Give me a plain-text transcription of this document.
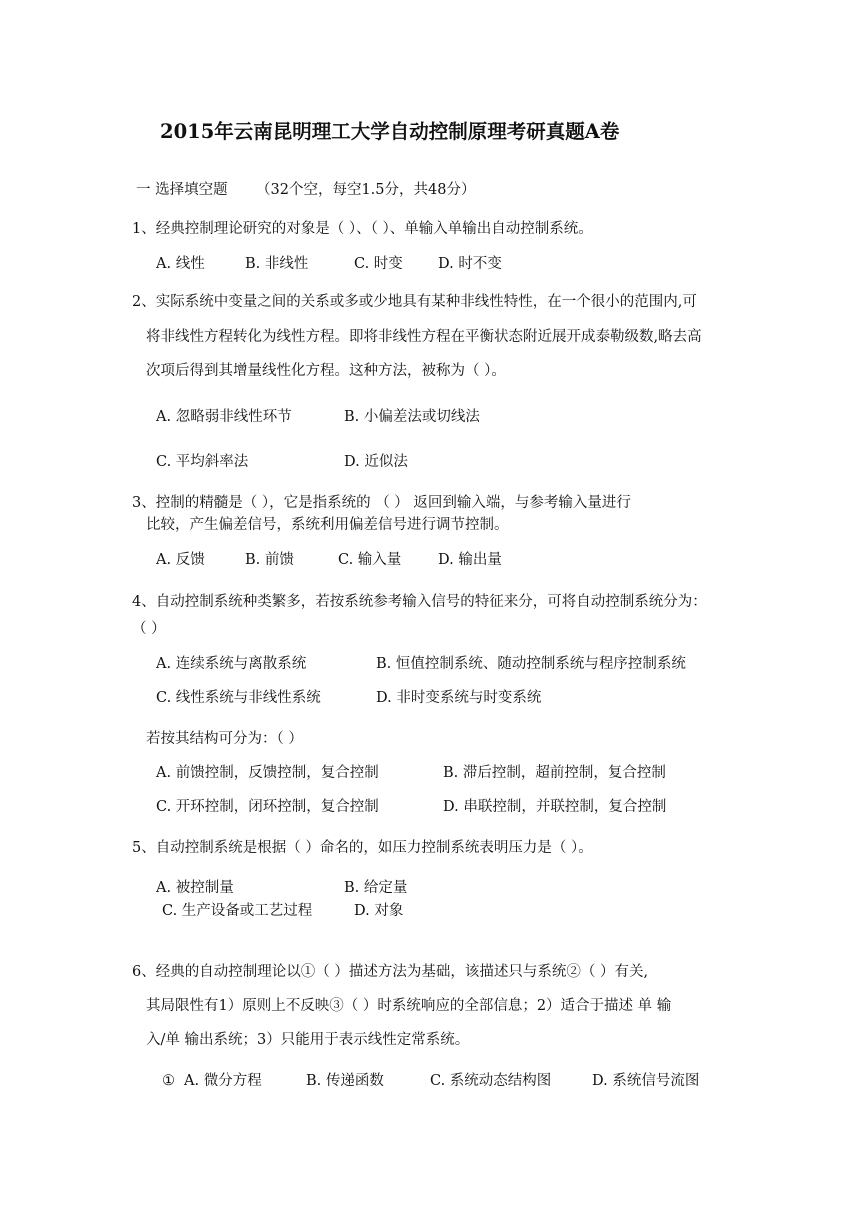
2015年云南昆明理工大学自动控制原理考研真题A卷
一 选择填空题 （32个空，每空1.5分，共48分）
1、经典控制理论研究的对象是（ ）、（ ）、单输入单输出自动控制系统。
A. 线性	B. 非线性	C. 时变 D. 时不变
2、实际系统中变量之间的关系或多或少地具有某种非线性特性，在一个很小的范围内,可
将非线性方程转化为线性方程。即将非线性方程在平衡状态附近展开成泰勒级数,略去高
次项后得到其增量线性化方程。这种方法，被称为（ ）。
A. 忽略弱非线性环节	B. 小偏差法或切线法
C. 平均斜率法	D. 近似法
3、控制的精髓是（ ），它是指系统的 （ ） 返回到输入端，与参考输入量进行
比较，产生偏差信号，系统利用偏差信号进行调节控制。
A. 反馈	B. 前馈	C. 输入量	D. 输出量
4、自动控制系统种类繁多，若按系统参考输入信号的特征来分，可将自动控制系统分为：
（ ）
A. 连续系统与离散系统	B. 恒值控制系统、随动控制系统与程序控制系统
C. 线性系统与非线性系统	D. 非时变系统与时变系统
若按其结构可分为：（ ）
A. 前馈控制，反馈控制，复合控制	B. 滞后控制，超前控制，复合控制
C. 开环控制，闭环控制，复合控制	D. 串联控制，并联控制，复合控制
5、自动控制系统是根据（ ）命名的，如压力控制系统表明压力是（ ）。
A. 被控制量	B. 给定量
C. 生产设备或工艺过程	D. 对象
6、经典的自动控制理论以①（ ）描述方法为基础，该描述只与系统②（ ）有关,
其局限性有1）原则上不反映③（ ）时系统响应的全部信息；2）适合于描述 单 输
入/单 输出系统；3）只能用于表示线性定常系统。
① A. 微分方程	B. 传递函数	C. 系统动态结构图	D. 系统信号流图
